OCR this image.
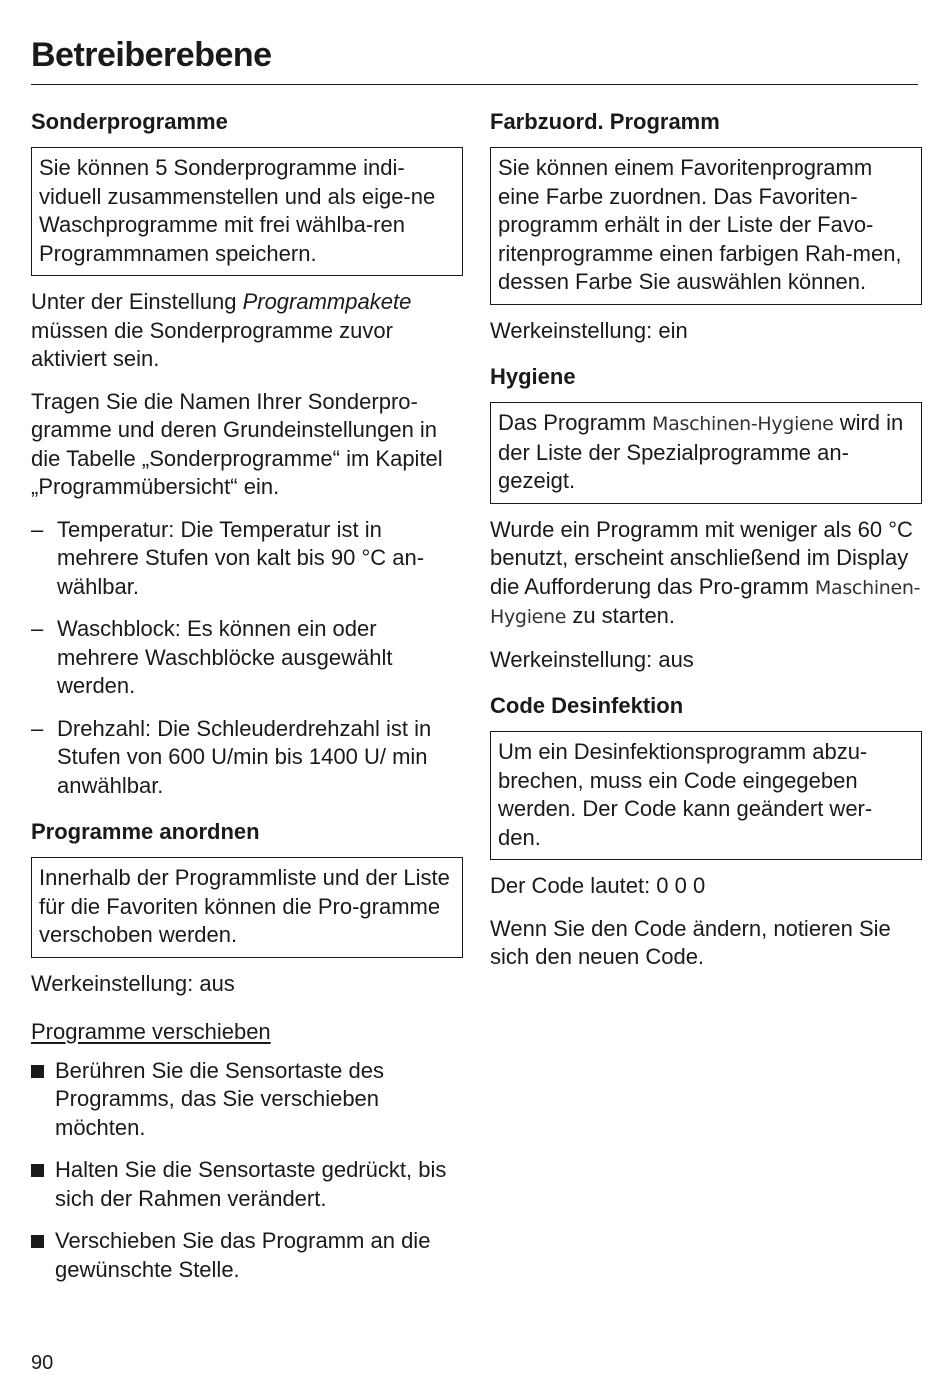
Betreiberebene
Sonderprogramme
Sie können 5 Sonderprogramme indi-viduell zusammenstellen und als eige-ne Waschprogramme mit frei wählba-ren Programmnamen speichern.

Unter der Einstellung Programmpakete müssen die Sonderprogramme zuvor aktiviert sein.

Tragen Sie die Namen Ihrer Sonderpro-gramme und deren Grundeinstellungen in die Tabelle „Sonderprogramme“ im Kapitel „Programmübersicht“ ein.

– Temperatur: Die Temperatur ist in mehrere Stufen von kalt bis 90 °C an-wählbar.
– Waschblock: Es können ein oder mehrere Waschblöcke ausgewählt werden.
– Drehzahl: Die Schleuderdrehzahl ist in Stufen von 600 U/min bis 1400 U/ min anwählbar.
Programme anordnen
Innerhalb der Programmliste und der Liste für die Favoriten können die Pro-gramme verschoben werden.

Werkeinstellung: aus

Programme verschieben

Berühren Sie die Sensortaste des Programms, das Sie verschieben möchten.
Halten Sie die Sensortaste gedrückt, bis sich der Rahmen verändert.
Verschieben Sie das Programm an die gewünschte Stelle.
Farbzuord. Programm
Sie können einem Favoritenprogramm eine Farbe zuordnen. Das Favoriten-programm erhält in der Liste der Favo-ritenprogramme einen farbigen Rah-men, dessen Farbe Sie auswählen können.

Werkeinstellung: ein

Hygiene
Das Programm Maschinen-Hygiene wird in der Liste der Spezialprogramme an-gezeigt.

Wurde ein Programm mit weniger als 60 °C benutzt, erscheint anschließend im Display die Aufforderung das Pro-gramm Maschinen-Hygiene zu starten.

Werkeinstellung: aus

Code Desinfektion
Um ein Desinfektionsprogramm abzu-brechen, muss ein Code eingegeben werden. Der Code kann geändert wer-den.

Der Code lautet: 0 0 0

Wenn Sie den Code ändern, notieren Sie sich den neuen Code.

90
